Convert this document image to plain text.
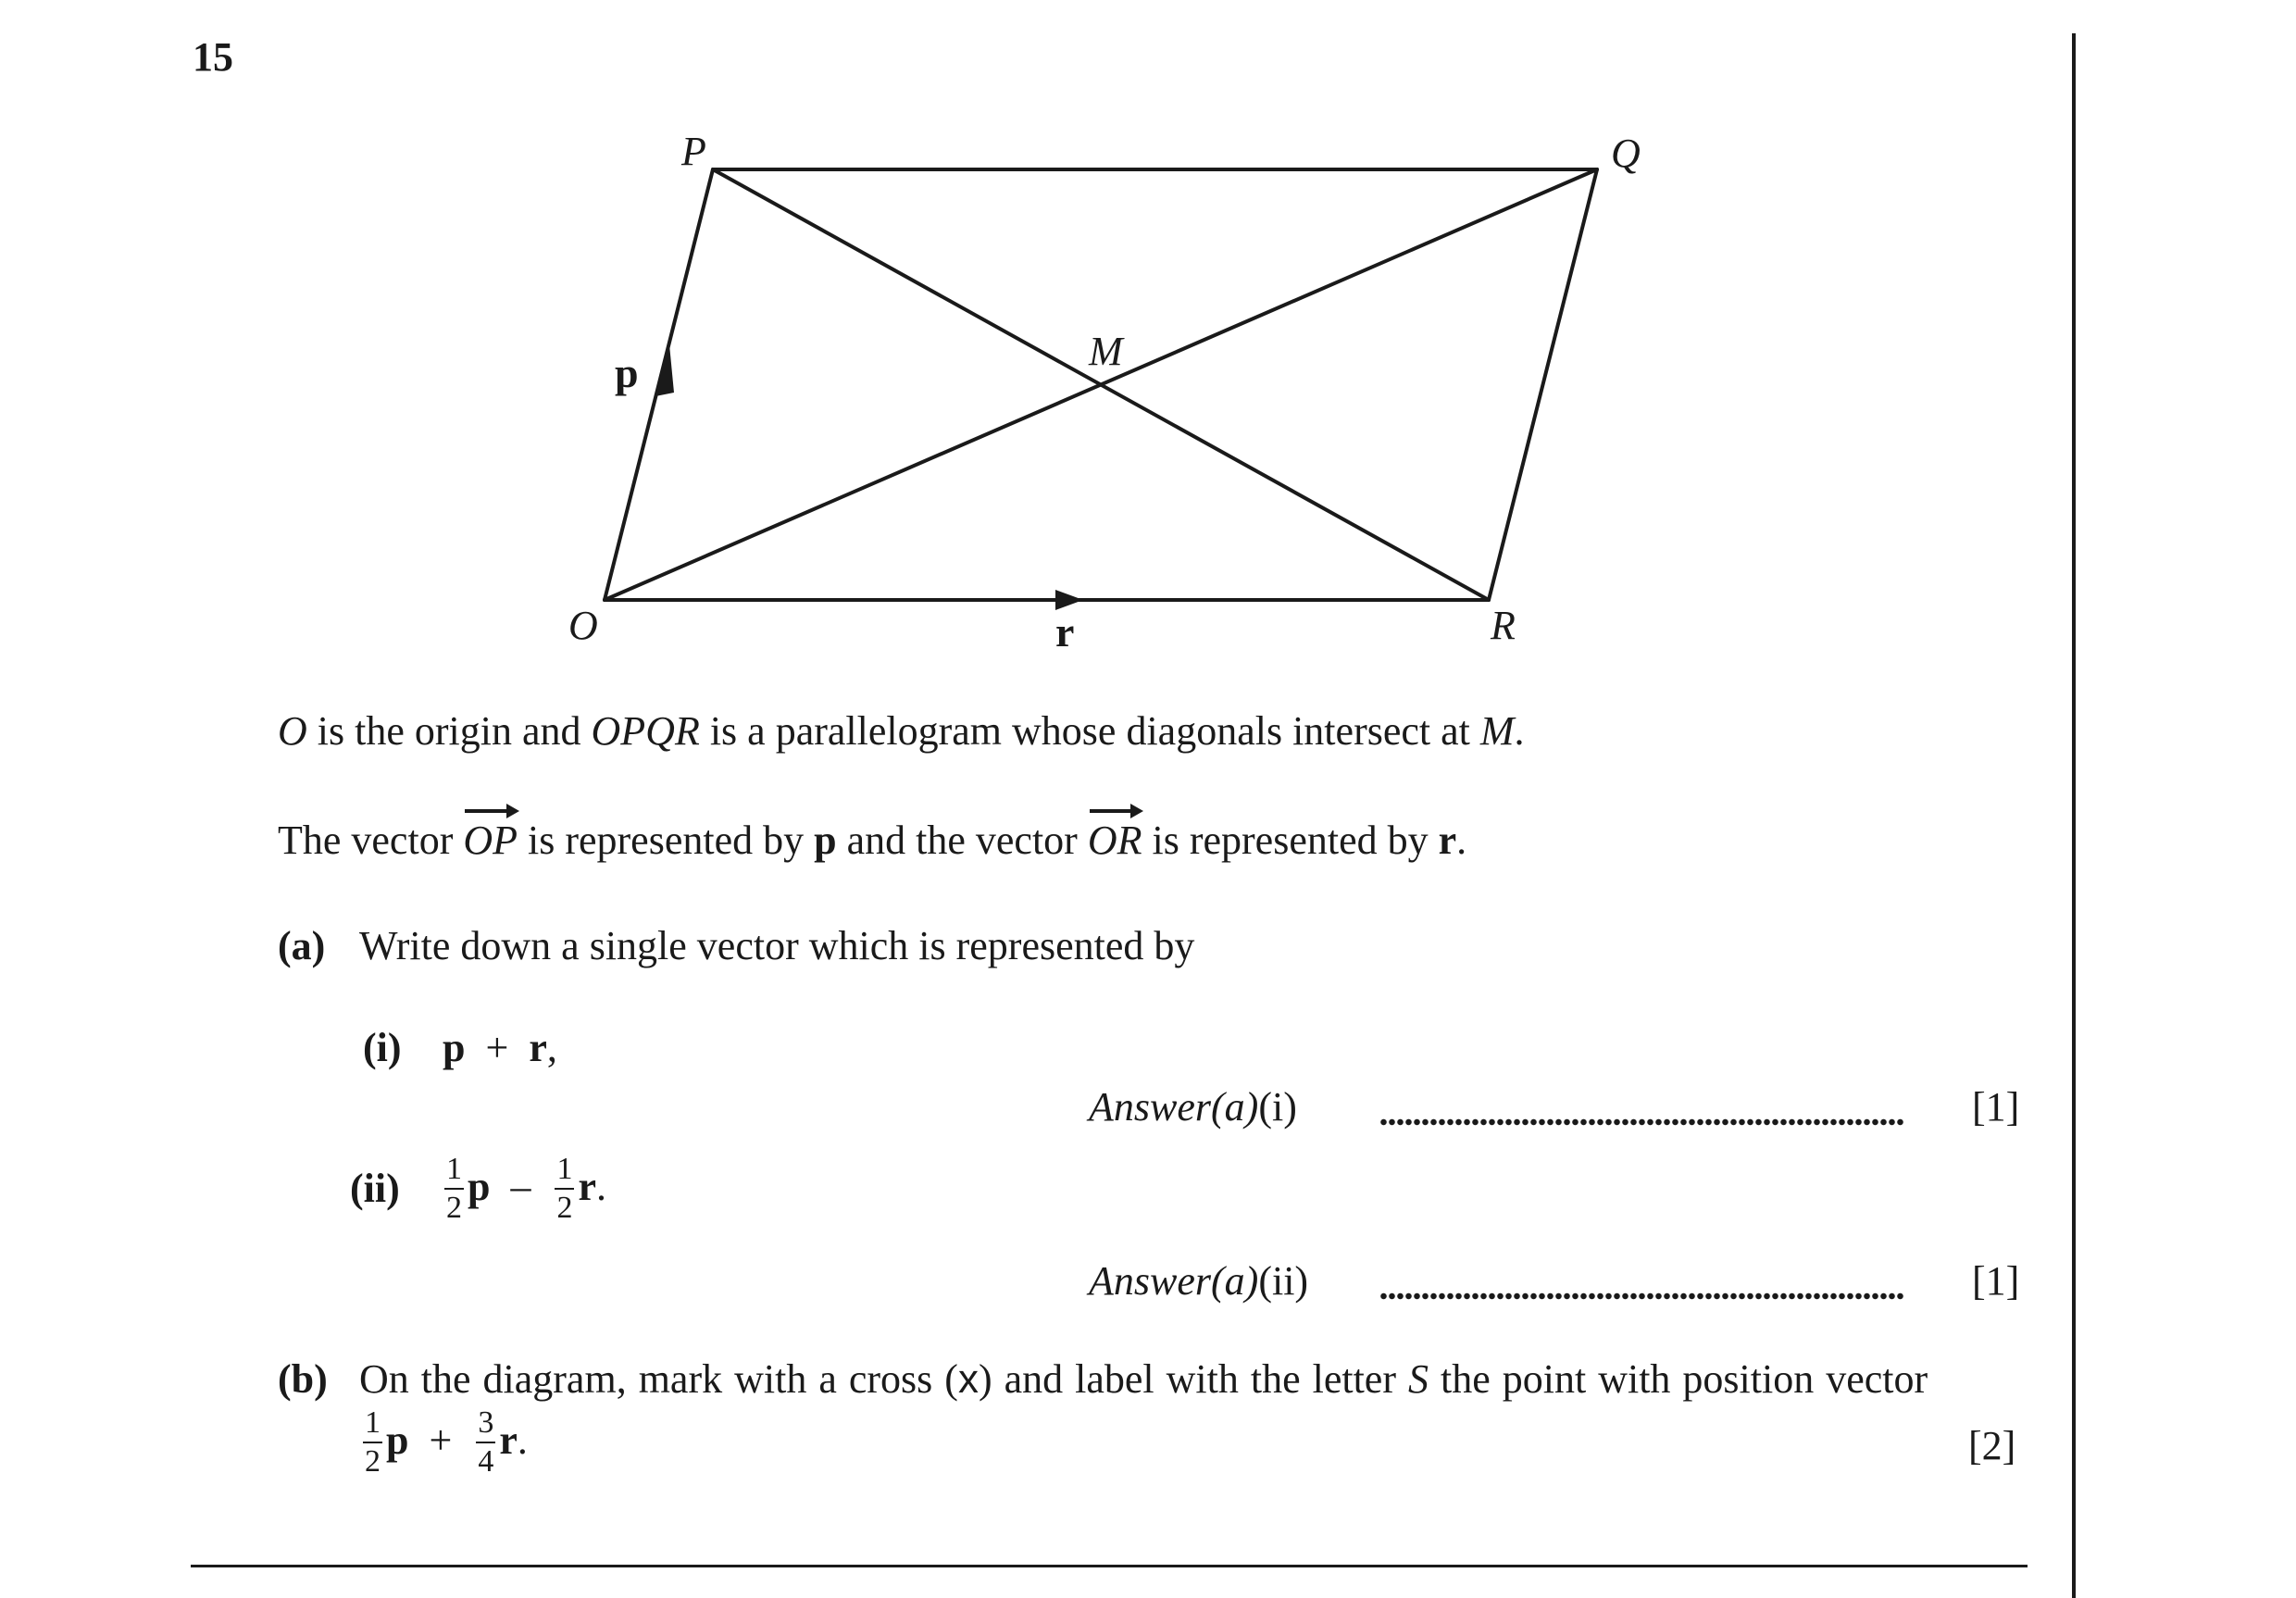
15
P	Q
O	R
M
p
r
O is the origin and OPQR is a parallelogram whose diagonals intersect at M.
The vector
OP is represented by p and the vector
OR is represented by r.
(a) Write down a single vector which is represented by
(i) p + r,
Answer(a)(i)	[1]
$(ii) \frac{1}{2}$ p – $\frac{1}{2} r$.
Answer(a)(ii)	[1]
(b) On the diagram, mark with a cross (x) and label with the letter S the point with position vector
$\frac{1}{2}$ $p + \frac{3}{4} r$.	[2]
